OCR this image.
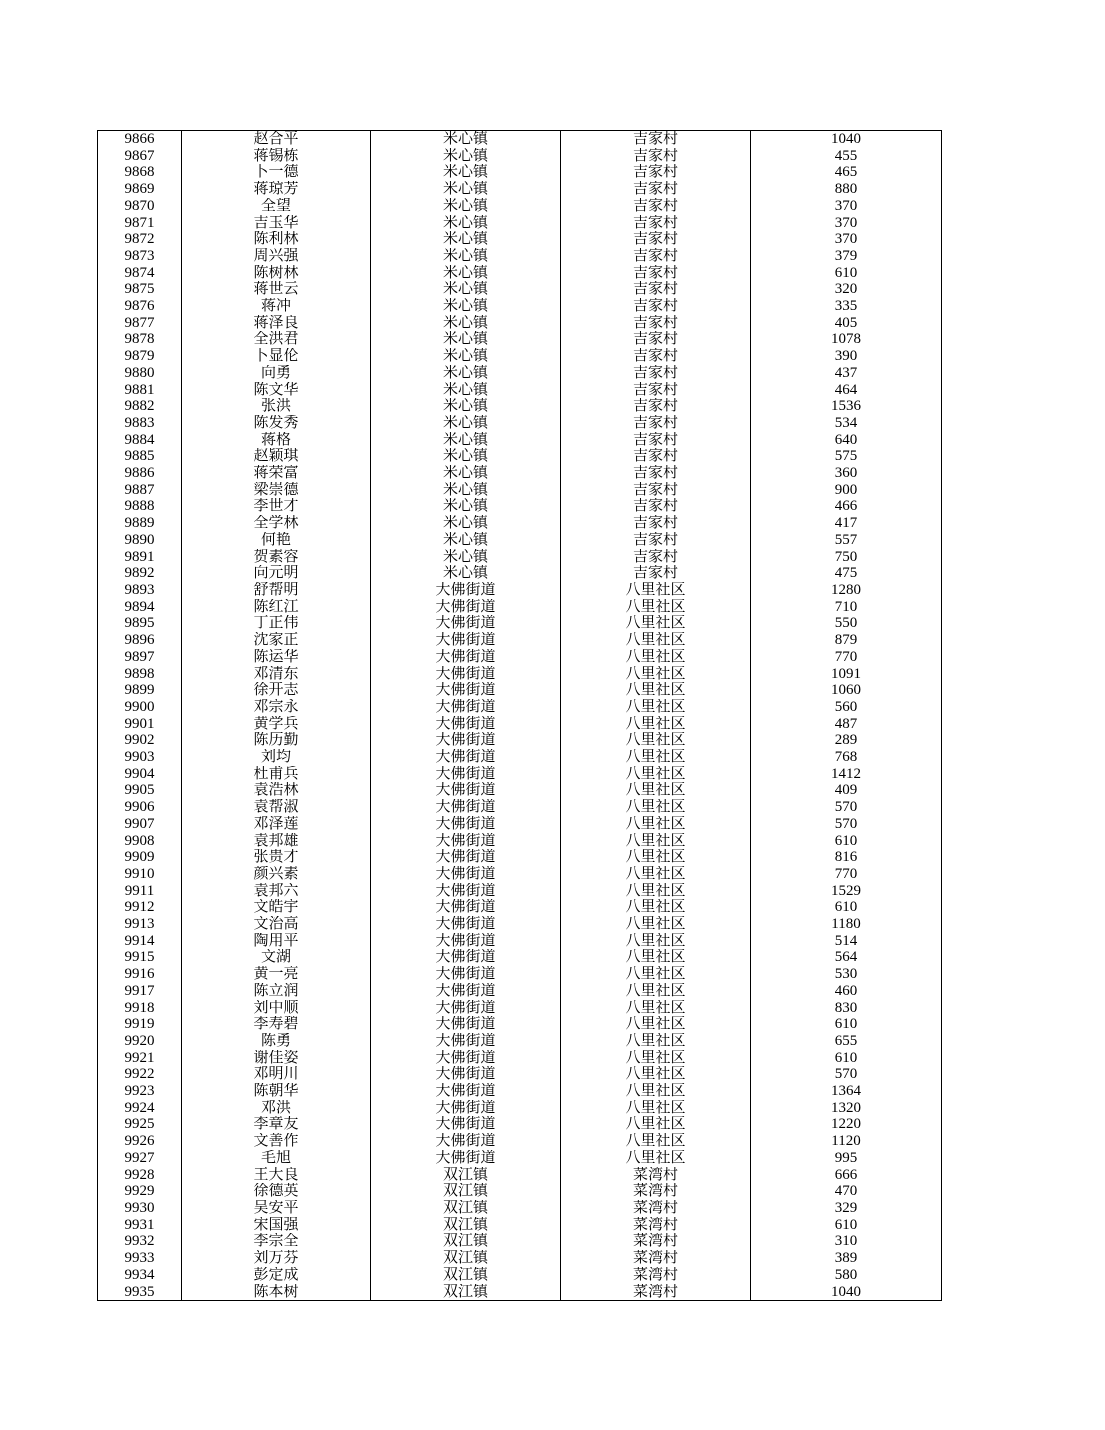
9866	赵合平	米心镇	吉家村	1040
9867	蒋锡栋	米心镇	吉家村	455
9868	卜一德	米心镇	吉家村	465
9869	蒋琼芳	米心镇	吉家村	880
9870	全望	米心镇	吉家村	370
9871	吉玉华	米心镇	吉家村	370
9872	陈利林	米心镇	吉家村	370
9873	周兴强	米心镇	吉家村	379
9874	陈树林	米心镇	吉家村	610
9875	蒋世云	米心镇	吉家村	320
9876	蒋冲	米心镇	吉家村	335
9877	蒋泽良	米心镇	吉家村	405
9878	全洪君	米心镇	吉家村	1078
9879	卜显伦	米心镇	吉家村	390
9880	向勇	米心镇	吉家村	437
9881	陈文华	米心镇	吉家村	464
9882	张洪	米心镇	吉家村	1536
9883	陈发秀	米心镇	吉家村	534
9884	蒋格	米心镇	吉家村	640
9885	赵颖琪	米心镇	吉家村	575
9886	蒋荣富	米心镇	吉家村	360
9887	梁崇德	米心镇	吉家村	900
9888	李世才	米心镇	吉家村	466
9889	全学林	米心镇	吉家村	417
9890	何艳	米心镇	吉家村	557
9891	贺素容	米心镇	吉家村	750
9892	向元明	米心镇	吉家村	475
9893	舒帮明	大佛街道	八里社区	1280
9894	陈红江	大佛街道	八里社区	710
9895	丁正伟	大佛街道	八里社区	550
9896	沈家正	大佛街道	八里社区	879
9897	陈运华	大佛街道	八里社区	770
9898	邓清东	大佛街道	八里社区	1091
9899	徐开志	大佛街道	八里社区	1060
9900	邓宗永	大佛街道	八里社区	560
9901	黄学兵	大佛街道	八里社区	487
9902	陈历勤	大佛街道	八里社区	289
9903	刘均	大佛街道	八里社区	768
9904	杜甫兵	大佛街道	八里社区	1412
9905	袁浩林	大佛街道	八里社区	409
9906	袁帮淑	大佛街道	八里社区	570
9907	邓泽莲	大佛街道	八里社区	570
9908	袁邦雄	大佛街道	八里社区	610
9909	张贵才	大佛街道	八里社区	816
9910	颜兴素	大佛街道	八里社区	770
9911	袁邦六	大佛街道	八里社区	1529
9912	文皓宇	大佛街道	八里社区	610
9913	文治高	大佛街道	八里社区	1180
9914	陶用平	大佛街道	八里社区	514
9915	文湖	大佛街道	八里社区	564
9916	黄一亮	大佛街道	八里社区	530
9917	陈立润	大佛街道	八里社区	460
9918	刘中顺	大佛街道	八里社区	830
9919	李寿碧	大佛街道	八里社区	610
9920	陈勇	大佛街道	八里社区	655
9921	谢佳姿	大佛街道	八里社区	610
9922	邓明川	大佛街道	八里社区	570
9923	陈朝华	大佛街道	八里社区	1364
9924	邓洪	大佛街道	八里社区	1320
9925	李章友	大佛街道	八里社区	1220
9926	文善作	大佛街道	八里社区	1120
9927	毛旭	大佛街道	八里社区	995
9928	王大良	双江镇	菜湾村	666
9929	徐德英	双江镇	菜湾村	470
9930	吴安平	双江镇	菜湾村	329
9931	宋国强	双江镇	菜湾村	610
9932	李宗全	双江镇	菜湾村	310
9933	刘万芬	双江镇	菜湾村	389
9934	彭定成	双江镇	菜湾村	580
9935	陈本树	双江镇	菜湾村	1040
